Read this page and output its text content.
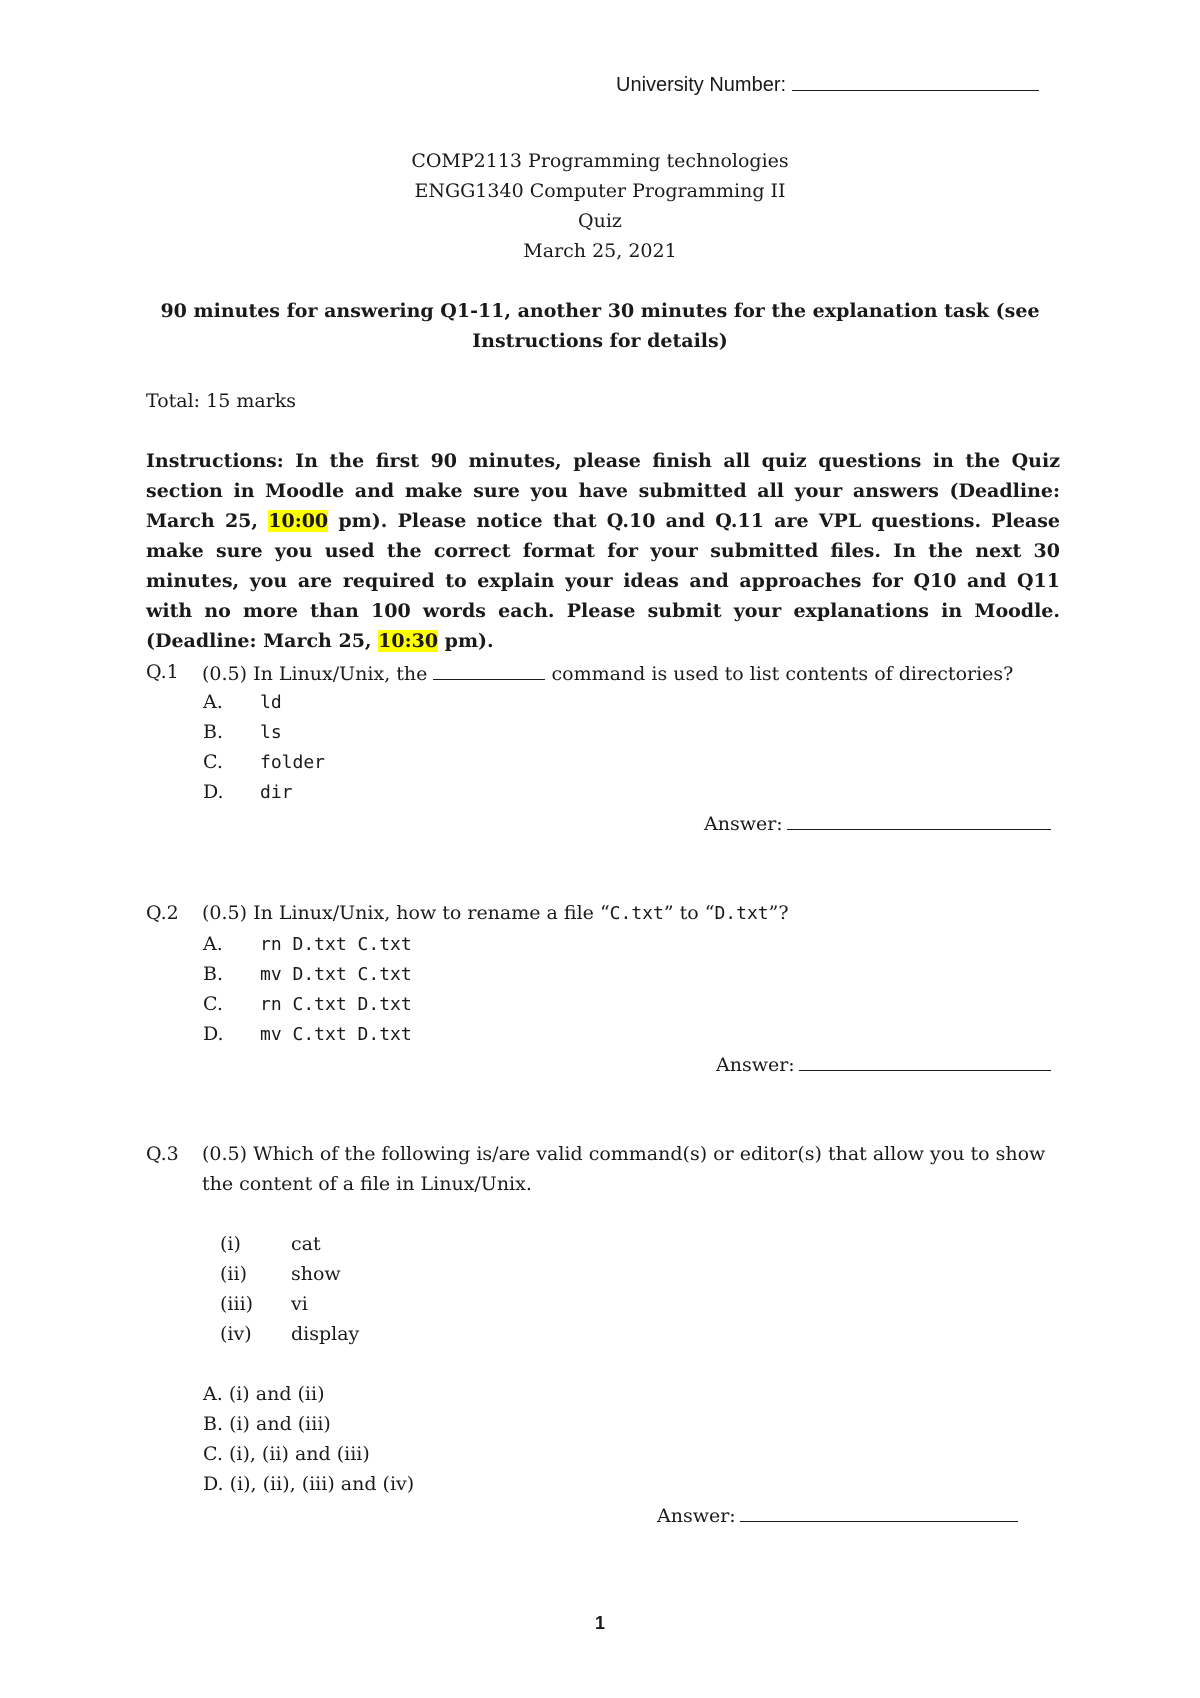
University Number:
COMP2113 Programming technologies
ENGG1340 Computer Programming II
Quiz
March 25, 2021
90 minutes for answering Q1-11, another 30 minutes for the explanation task (see
Instructions for details)
Total: 15 marks
Instructions: In the first 90 minutes, please finish all quiz questions in the Quiz section in Moodle and make sure you have submitted all your answers (Deadline: March 25, 10:00 pm). Please notice that Q.10 and Q.11 are VPL questions. Please make sure you used the correct format for your submitted files. In the next 30 minutes, you are required to explain your ideas and approaches for Q10 and Q11 with no more than 100 words each. Please submit your explanations in Moodle. (Deadline: March 25, 10:30 pm).
Q.1 (0.5) In Linux/Unix, the	command is used to list contents of directories?
A. ld
B. ls
C. folder
D. dir
Answer:
Q.2 (0.5) In Linux/Unix, how to rename a file “C.txt” to “D.txt”?
A. rn D.txt C.txt
B. mv D.txt C.txt
C. rn C.txt D.txt
D. mv C.txt D.txt
Answer:
Q.3 (0.5) Which of the following is/are valid command(s) or editor(s) that allow you to show
the content of a file in Linux/Unix.
(i)	cat
(ii) show
(iii) vi
(iv) display
A. (i) and (ii)
B. (i) and (iii)
C. (i), (ii) and (iii)
D. (i), (ii), (iii) and (iv)
Answer:
1
